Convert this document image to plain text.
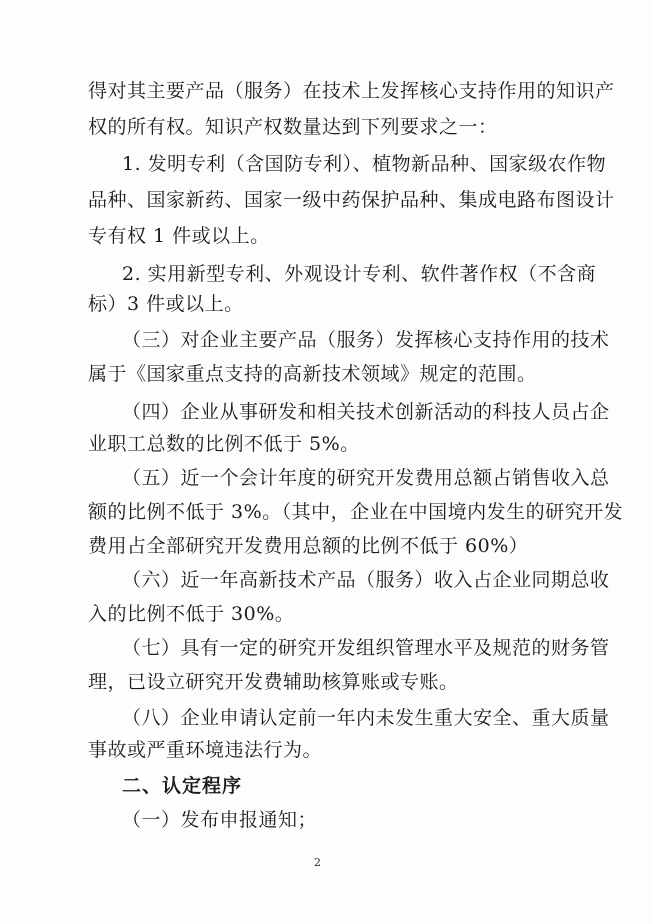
得对其主要产品（服务）在技术上发挥核心支持作用的知识产
权的所有权。知识产权数量达到下列要求之一：
1. 发明专利（含国防专利）、植物新品种、国家级农作物
品种、国家新药、国家一级中药保护品种、集成电路布图设计
专有权 1 件或以上。
2. 实用新型专利、外观设计专利、软件著作权（不含商
标）3 件或以上。
（三）对企业主要产品（服务）发挥核心支持作用的技术
属于《国家重点支持的高新技术领域》规定的范围。
（四）企业从事研发和相关技术创新活动的科技人员占企
业职工总数的比例不低于 5%。
（五）近一个会计年度的研究开发费用总额占销售收入总
额的比例不低于 3%。（其中，企业在中国境内发生的研究开发
费用占全部研究开发费用总额的比例不低于 60%）
（六）近一年高新技术产品（服务）收入占企业同期总收
入的比例不低于 30%。
（七）具有一定的研究开发组织管理水平及规范的财务管
理，已设立研究开发费辅助核算账或专账。
（八）企业申请认定前一年内未发生重大安全、重大质量
事故或严重环境违法行为。
二、认定程序
（一）发布申报通知；
2
